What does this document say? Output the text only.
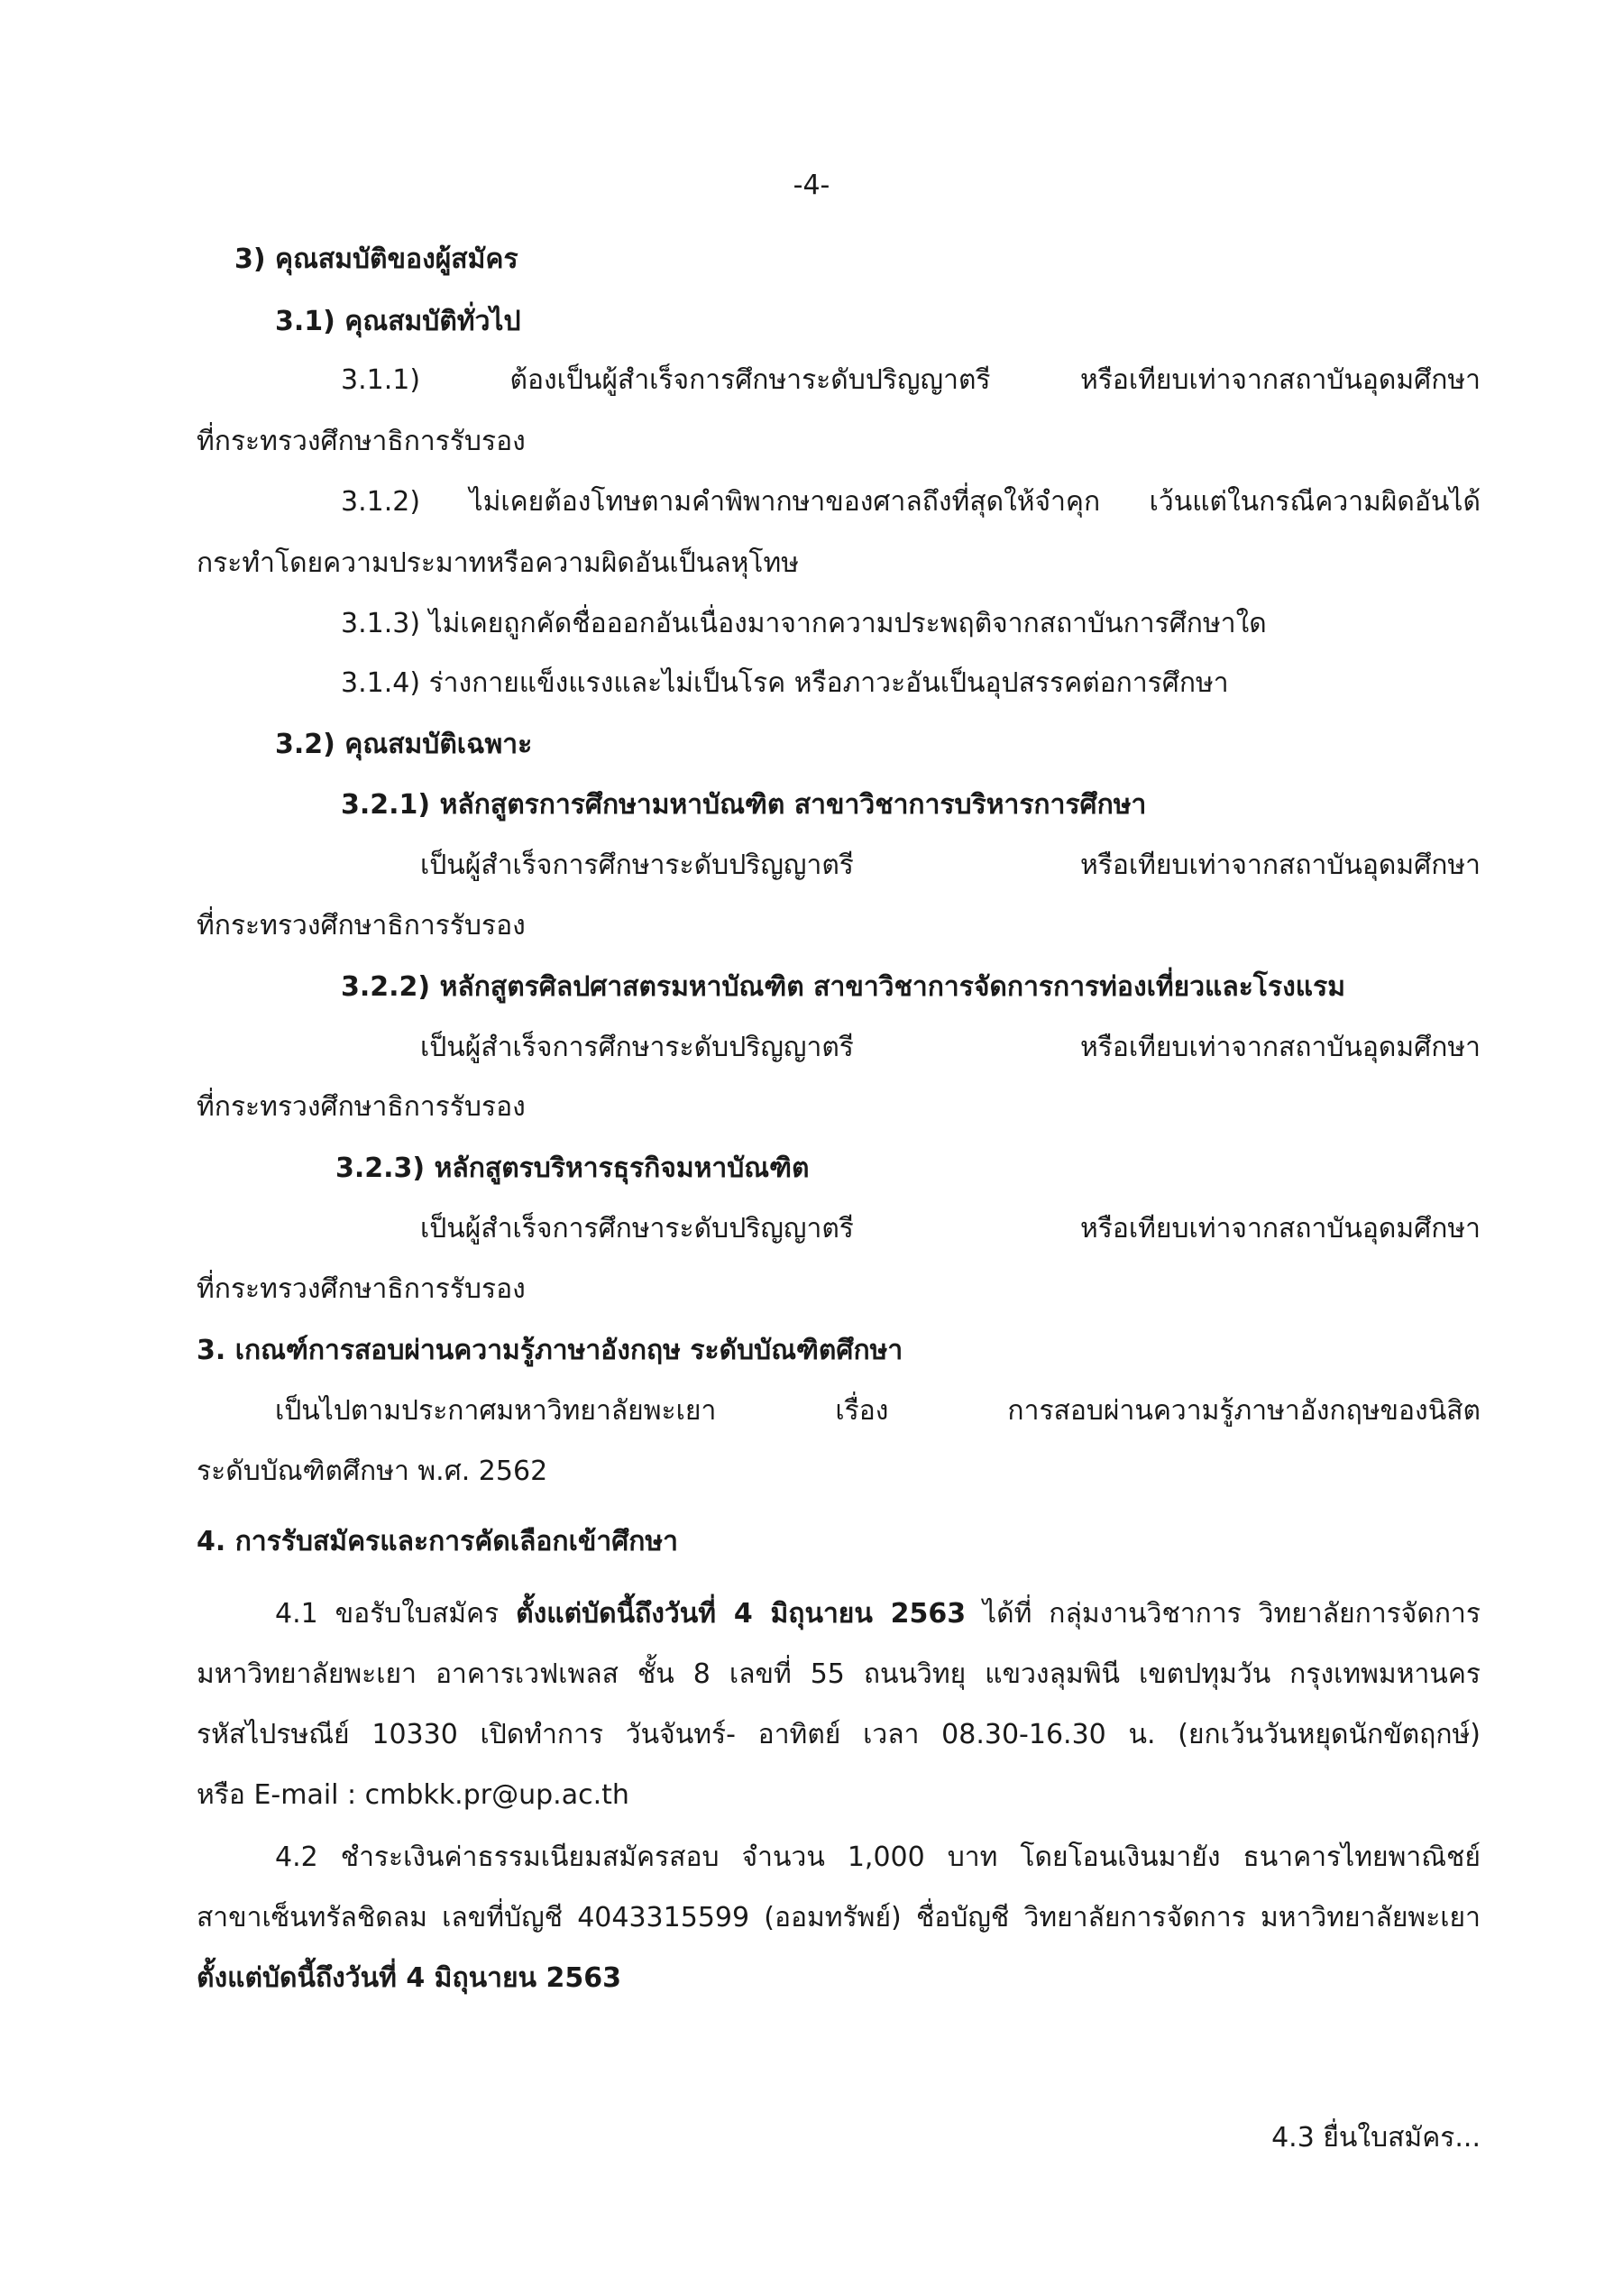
-4-
3) คุณสมบัติของผู้สมัคร
3.1) คุณสมบัติทั่วไป
3.1.1) ต้องเป็นผู้สำเร็จการศึกษาระดับปริญญาตรี หรือเทียบเท่าจากสถาบันอุดมศึกษา
ที่กระทรวงศึกษาธิการรับรอง
3.1.2) ไม่เคยต้องโทษตามคำพิพากษาของศาลถึงที่สุดให้จำคุก เว้นแต่ในกรณีความผิดอันได้
กระทำโดยความประมาทหรือความผิดอันเป็นลหุโทษ
3.1.3) ไม่เคยถูกคัดชื่อออกอันเนื่องมาจากความประพฤติจากสถาบันการศึกษาใด
3.1.4) ร่างกายแข็งแรงและไม่เป็นโรค หรือภาวะอันเป็นอุปสรรคต่อการศึกษา
3.2) คุณสมบัติเฉพาะ
3.2.1) หลักสูตรการศึกษามหาบัณฑิต สาขาวิชาการบริหารการศึกษา
เป็นผู้สำเร็จการศึกษาระดับปริญญาตรี หรือเทียบเท่าจากสถาบันอุดมศึกษา
ที่กระทรวงศึกษาธิการรับรอง
3.2.2) หลักสูตรศิลปศาสตรมหาบัณฑิต สาขาวิชาการจัดการการท่องเที่ยวและโรงแรม
เป็นผู้สำเร็จการศึกษาระดับปริญญาตรี หรือเทียบเท่าจากสถาบันอุดมศึกษา
ที่กระทรวงศึกษาธิการรับรอง
3.2.3) หลักสูตรบริหารธุรกิจมหาบัณฑิต
เป็นผู้สำเร็จการศึกษาระดับปริญญาตรี หรือเทียบเท่าจากสถาบันอุดมศึกษา
ที่กระทรวงศึกษาธิการรับรอง
3. เกณฑ์การสอบผ่านความรู้ภาษาอังกฤษ ระดับบัณฑิตศึกษา
เป็นไปตามประกาศมหาวิทยาลัยพะเยา เรื่อง การสอบผ่านความรู้ภาษาอังกฤษของนิสิต
ระดับบัณฑิตศึกษา พ.ศ. 2562
4. การรับสมัครและการคัดเลือกเข้าศึกษา
4.1 ขอรับใบสมัคร ตั้งแต่บัดนี้ถึงวันที่ 4 มิถุนายน 2563 ได้ที่ กลุ่มงานวิชาการ วิทยาลัยการจัดการ
มหาวิทยาลัยพะเยา อาคารเวฟเพลส ชั้น 8 เลขที่ 55 ถนนวิทยุ แขวงลุมพินี เขตปทุมวัน กรุงเทพมหานคร
รหัสไปรษณีย์ 10330 เปิดทำการ วันจันทร์- อาทิตย์ เวลา 08.30-16.30 น. (ยกเว้นวันหยุดนักขัตฤกษ์)
หรือ E-mail : cmbkk.pr@up.ac.th
4.2 ชำระเงินค่าธรรมเนียมสมัครสอบ จำนวน 1,000 บาท โดยโอนเงินมายัง ธนาคารไทยพาณิชย์
สาขาเซ็นทรัลชิดลม เลขที่บัญชี 4043315599 (ออมทรัพย์) ชื่อบัญชี วิทยาลัยการจัดการ มหาวิทยาลัยพะเยา
ตั้งแต่บัดนี้ถึงวันที่ 4 มิถุนายน 2563
4.3 ยื่นใบสมัคร...
